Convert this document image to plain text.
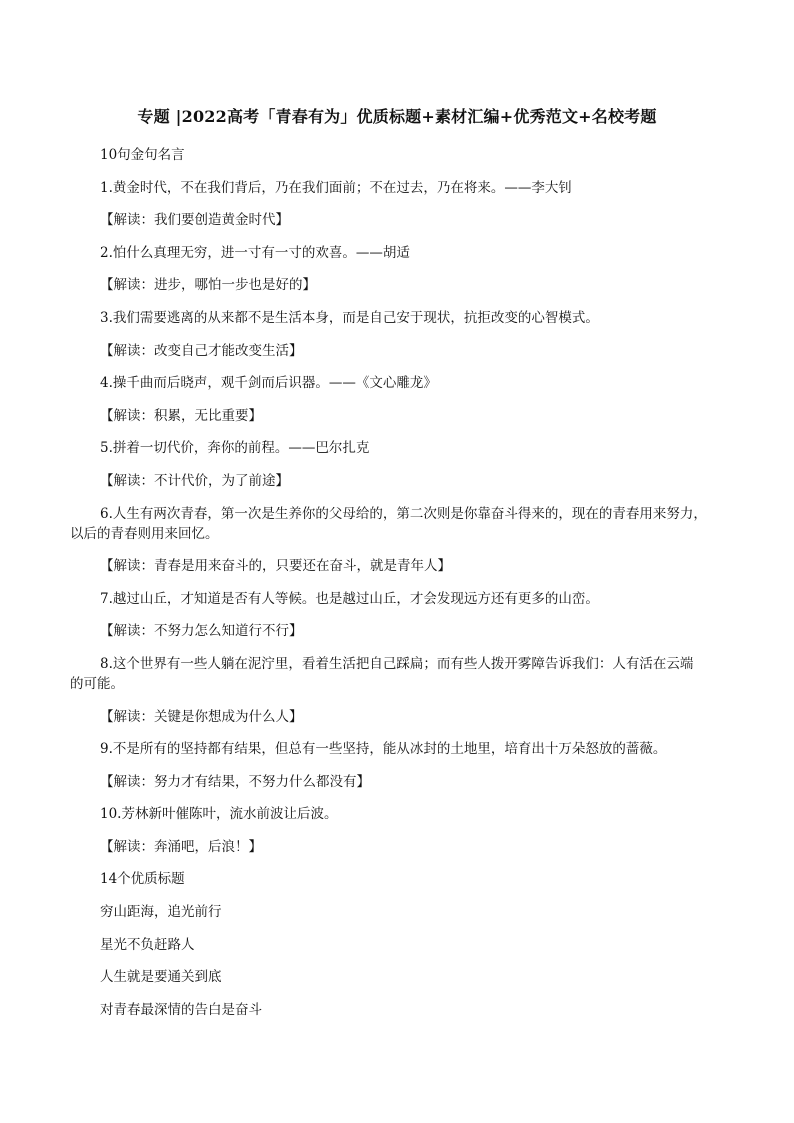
专题 |2022高考「青春有为」优质标题+素材汇编+优秀范文+名校考题
10句金句名言
1.黄金时代，不在我们背后，乃在我们面前；不在过去，乃在将来。——李大钊
【解读：我们要创造黄金时代】
2.怕什么真理无穷，进一寸有一寸的欢喜。——胡适
【解读：进步，哪怕一步也是好的】
3.我们需要逃离的从来都不是生活本身，而是自己安于现状，抗拒改变的心智模式。
【解读：改变自己才能改变生活】
4.操千曲而后晓声，观千剑而后识器。——《文心雕龙》
【解读：积累，无比重要】
5.拼着一切代价，奔你的前程。——巴尔扎克
【解读：不计代价，为了前途】
6.人生有两次青春，第一次是生养你的父母给的，第二次则是你靠奋斗得来的，现在的青春用来努力，
以后的青春则用来回忆。
【解读：青春是用来奋斗的，只要还在奋斗，就是青年人】
7.越过山丘，才知道是否有人等候。也是越过山丘，才会发现远方还有更多的山峦。
【解读：不努力怎么知道行不行】
8.这个世界有一些人躺在泥泞里，看着生活把自己踩扁；而有些人拨开雾障告诉我们：人有活在云端
的可能。
【解读：关键是你想成为什么人】
9.不是所有的坚持都有结果，但总有一些坚持，能从冰封的土地里，培育出十万朵怒放的蔷薇。
【解读：努力才有结果，不努力什么都没有】
10.芳林新叶催陈叶，流水前波让后波。
【解读：奔涌吧，后浪！】
14个优质标题
穷山距海，追光前行
星光不负赶路人
人生就是要通关到底
对青春最深情的告白是奋斗
